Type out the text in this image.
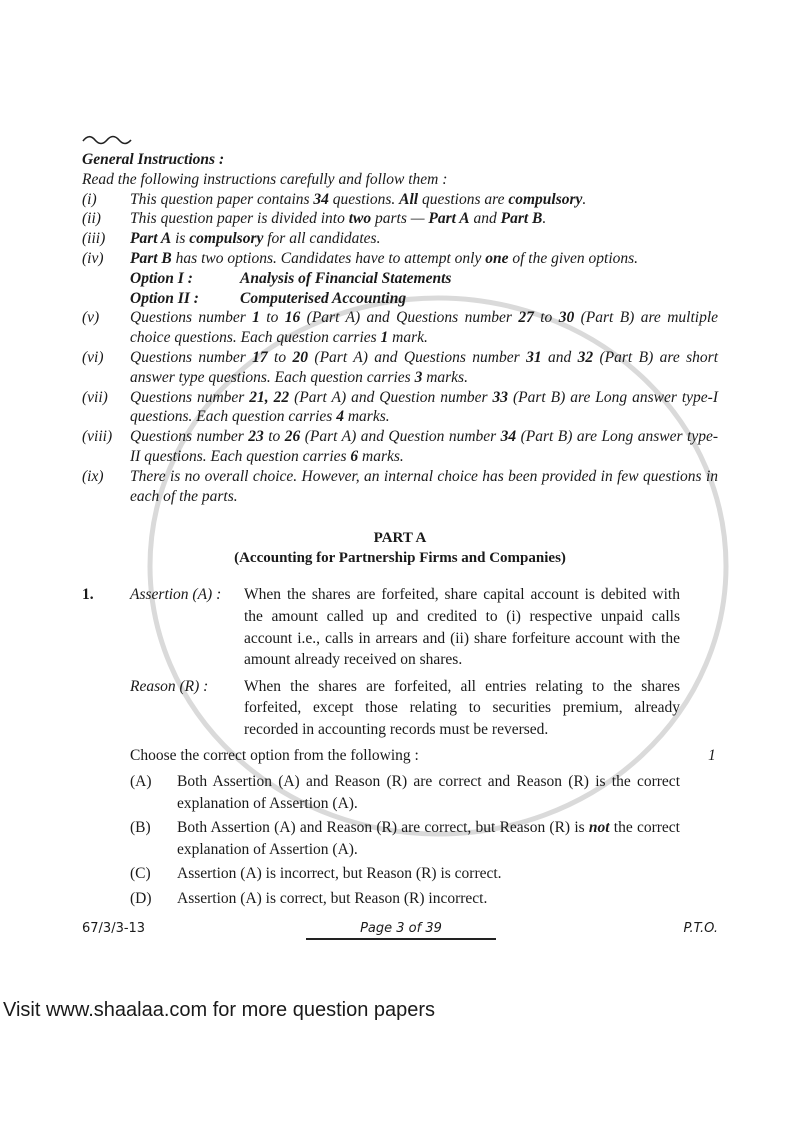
General Instructions :
Read the following instructions carefully and follow them :
(i)	This question paper contains 34 questions. All questions are compulsory.
(ii)	This question paper is divided into two parts — Part A and Part B.
(iii)	Part A is compulsory for all candidates.
(iv)	Part B has two options. Candidates have to attempt only one of the given options.
Option I :	Analysis of Financial Statements
Option II :	Computerised Accounting
(v)	Questions number 1 to 16 (Part A) and Questions number 27 to 30 (Part B) are multiple choice questions. Each question carries 1 mark.
(vi)	Questions number 17 to 20 (Part A) and Questions number 31 and 32 (Part B) are short answer type questions. Each question carries 3 marks.
(vii)	Questions number 21, 22 (Part A) and Question number 33 (Part B) are Long answer type-I questions. Each question carries 4 marks.
(viii)	Questions number 23 to 26 (Part A) and Question number 34 (Part B) are Long answer type-II questions. Each question carries 6 marks.
(ix)	There is no overall choice. However, an internal choice has been provided in few questions in each of the parts.
PART A
(Accounting for Partnership Firms and Companies)
1.	Assertion (A) :	When the shares are forfeited, share capital account is debited with the amount called up and credited to (i) respective unpaid calls account i.e., calls in arrears and (ii) share forfeiture account with the amount already received on shares.
Reason (R) :	When the shares are forfeited, all entries relating to the shares forfeited, except those relating to securities premium, already recorded in accounting records must be reversed.
Choose the correct option from the following :	1
(A)	Both Assertion (A) and Reason (R) are correct and Reason (R) is the correct explanation of Assertion (A).
(B)	Both Assertion (A) and Reason (R) are correct, but Reason (R) is not the correct explanation of Assertion (A).
(C)	Assertion (A) is incorrect, but Reason (R) is correct.
(D)	Assertion (A) is correct, but Reason (R) incorrect.
67/3/3-13	Page 3 of 39	P.T.O.
Visit www.shaalaa.com for more question papers
